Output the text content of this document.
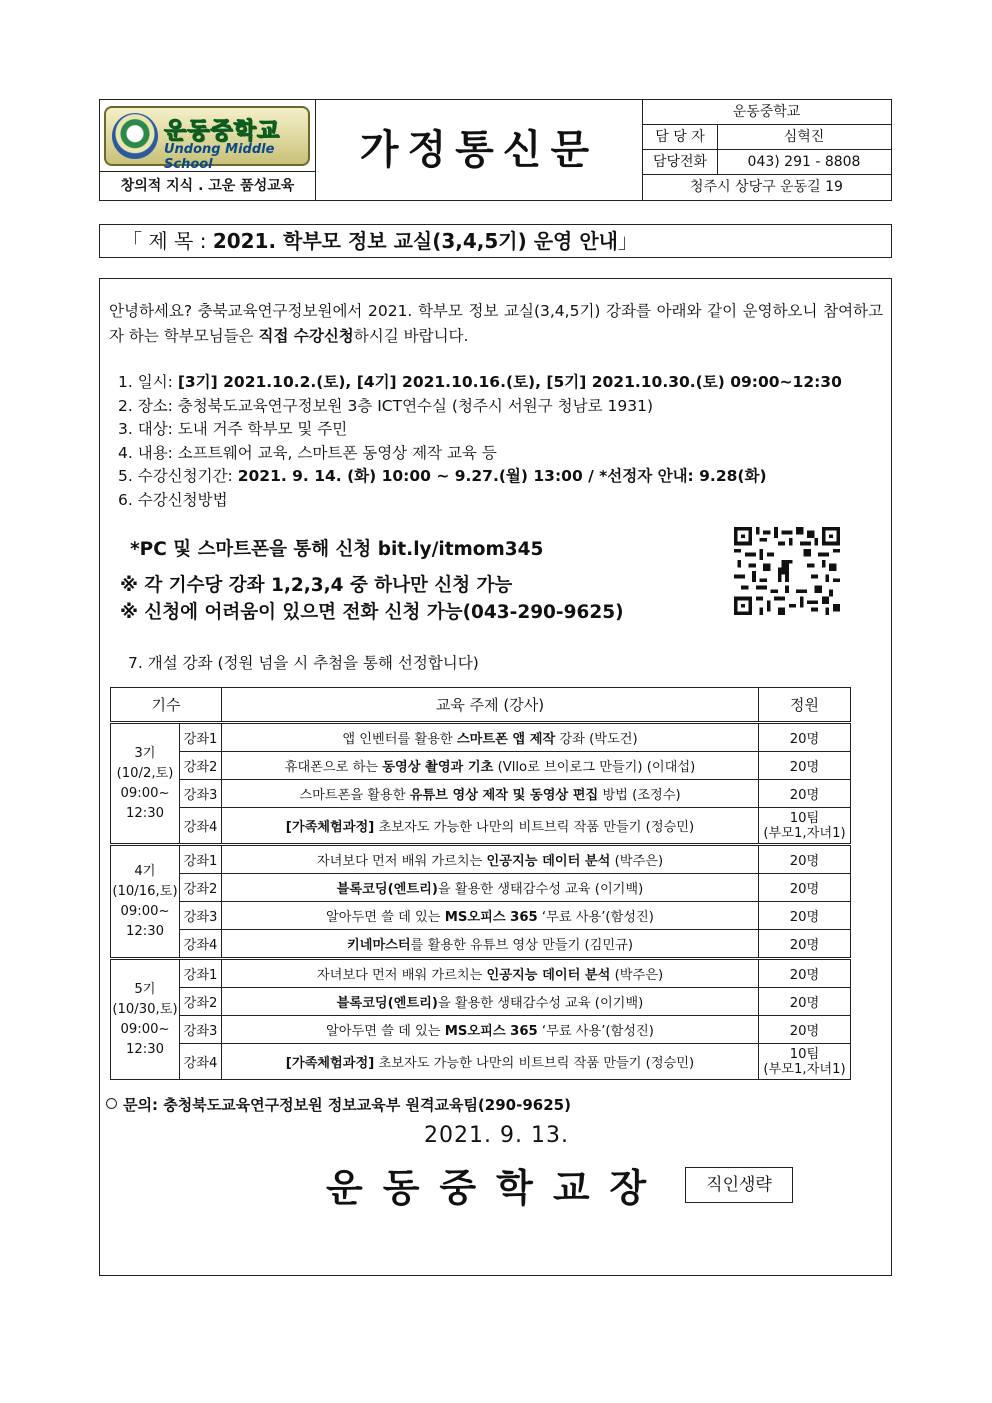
운동중학교
Undong Middle School
창의적 지식 . 고운 품성교육
가정통신문
운동중학교
담 당 자	심혁진
담당전화	043) 291 - 8808
청주시 상당구 운동길 19
「 제 목 : 2021. 학부모 정보 교실(3,4,5기) 운영 안내」
안녕하세요? 충북교육연구정보원에서 2021. 학부모 정보 교실(3,4,5기) 강좌를 아래와 같이 운영하오니 참여하고자 하는 학부모님들은 직접 수강신청하시길 바랍니다.
1. 일시: [3기] 2021.10.2.(토), [4기] 2021.10.16.(토), [5기] 2021.10.30.(토) 09:00~12:30
2. 장소: 충청북도교육연구정보원 3층 ICT연수실 (청주시 서원구 청남로 1931)
3. 대상: 도내 거주 학부모 및 주민
4. 내용: 소프트웨어 교육, 스마트폰 동영상 제작 교육 등
5. 수강신청기간: 2021. 9. 14. (화) 10:00 ~ 9.27.(월) 13:00 / *선정자 안내: 9.28(화)
6. 수강신청방법
*PC 및 스마트폰을 통해 신청 bit.ly/itmom345
※ 각 기수당 강좌 1,2,3,4 중 하나만 신청 가능
※ 신청에 어려움이 있으면 전화 신청 가능(043-290-9625)
7. 개설 강좌 (정원 넘을 시 추첨을 통해 선정합니다)
기수		교육 주제 (강사)	정원

3기
(10/2,토)
09:00~
12:30	강좌1	앱 인벤터를 활용한 스마트폰 앱 제작 강좌 (박도건)	20명
	강좌2	휴대폰으로 하는 동영상 촬영과 기초 (Vllo로 브이로그 만들기) (이대섭)	20명
	강좌3	스마트폰을 활용한 유튜브 영상 제작 및 동영상 편집 방법 (조정수)	20명
	강좌4	[가족체험과정] 초보자도 가능한 나만의 비트브릭 작품 만들기 (정승민)	10팀
(부모1,자녀1)

4기
(10/16,토)
09:00~
12:30	강좌1	자녀보다 먼저 배워 가르치는 인공지능 데이터 분석 (박주은)	20명
	강좌2	블록코딩(엔트리)을 활용한 생태감수성 교육 (이기백)	20명
	강좌3	알아두면 쓸 데 있는 MS오피스 365 ‘무료 사용’(함성진)	20명
	강좌4	키네마스터를 활용한 유튜브 영상 만들기 (김민규)	20명

5기
(10/30,토)
09:00~
12:30	강좌1	자녀보다 먼저 배워 가르치는 인공지능 데이터 분석 (박주은)	20명
	강좌2	블록코딩(엔트리)을 활용한 생태감수성 교육 (이기백)	20명
	강좌3	알아두면 쓸 데 있는 MS오피스 365 ‘무료 사용’(함성진)	20명
	강좌4	[가족체험과정] 초보자도 가능한 나만의 비트브릭 작품 만들기 (정승민)	10팀
(부모1,자녀1)
문의: 충청북도교육연구정보원 정보교육부 원격교육팀(290-9625)
2021. 9. 13.
운동중학교장	직인생략
